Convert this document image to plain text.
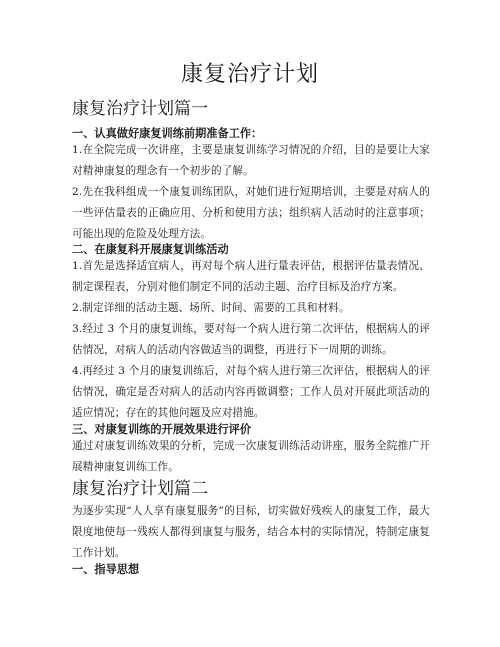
康复治疗计划
康复治疗计划篇一
一、认真做好康复训练前期准备工作：
1.在全院完成一次讲座，主要是康复训练学习情况的介绍，目的是要让大家对精神康复的理念有一个初步的了解。
2.先在我科组成一个康复训练团队，对她们进行短期培训，主要是对病人的一些评估量表的正确应用、分析和使用方法；组织病人活动时的注意事项；可能出现的危险及处理方法。
二、在康复科开展康复训练活动
1.首先是选择适宜病人，再对每个病人进行量表评估，根据评估量表情况、制定课程表，分别对他们制定不同的活动主题、治疗目标及治疗方案。
2.制定详细的活动主题、场所、时间、需要的工具和材料。
3.经过 3 个月的康复训练，要对每一个病人进行第二次评估，根据病人的评估情况，对病人的活动内容做适当的调整，再进行下一周期的训练。
4.再经过 3 个月的康复训练后，对每个病人进行第三次评估，根据病人的评估情况，确定是否对病人的活动内容再做调整；工作人员对开展此项活动的适应情况；存在的其他问题及应对措施。
三、对康复训练的开展效果进行评价
通过对康复训练效果的分析，完成一次康复训练活动讲座，服务全院推广开展精神康复训练工作。
康复治疗计划篇二
为逐步实现“人人享有康复服务”的目标，切实做好残疾人的康复工作，最大限度地使每一残疾人都得到康复与服务，结合本村的实际情况，特制定康复工作计划。
一、指导思想
